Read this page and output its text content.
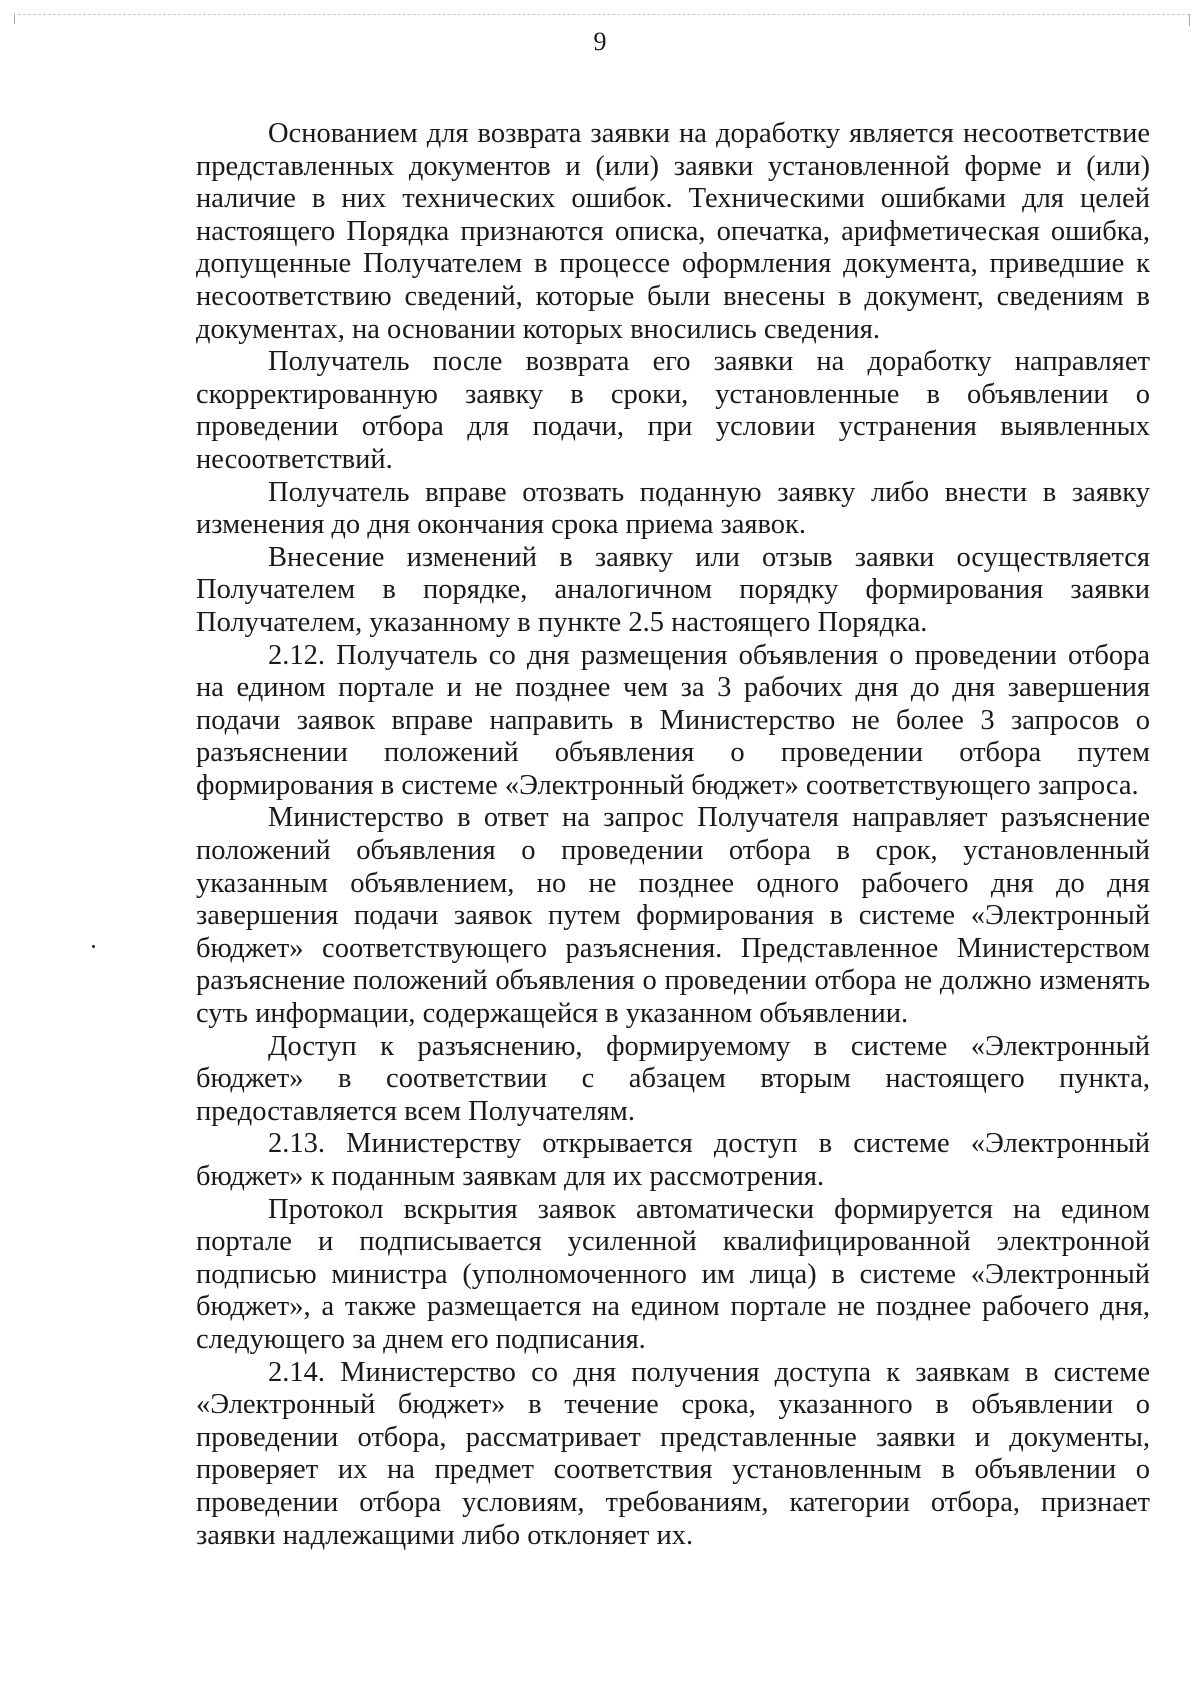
9

Основанием для возврата заявки на доработку является несоответствие представленных документов и (или) заявки установленной форме и (или) наличие в них технических ошибок. Техническими ошибками для целей настоящего Порядка признаются описка, опечатка, арифметическая ошибка, допущенные Получателем в процессе оформления документа, приведшие к несоответствию сведений, которые были внесены в документ, сведениям в документах, на основании которых вносились сведения.

Получатель после возврата его заявки на доработку направляет скорректированную заявку в сроки, установленные в объявлении о проведении отбора для подачи, при условии устранения выявленных несоответствий.

Получатель вправе отозвать поданную заявку либо внести в заявку изменения до дня окончания срока приема заявок.

Внесение изменений в заявку или отзыв заявки осуществляется Получателем в порядке, аналогичном порядку формирования заявки Получателем, указанному в пункте 2.5 настоящего Порядка.

2.12. Получатель со дня размещения объявления о проведении отбора на едином портале и не позднее чем за 3 рабочих дня до дня завершения подачи заявок вправе направить в Министерство не более 3 запросов о разъяснении положений объявления о проведении отбора путем формирования в системе «Электронный бюджет» соответствующего запроса.

Министерство в ответ на запрос Получателя направляет разъяснение положений объявления о проведении отбора в срок, установленный указанным объявлением, но не позднее одного рабочего дня до дня завершения подачи заявок путем формирования в системе «Электронный бюджет» соответствующего разъяснения. Представленное Министерством разъяснение положений объявления о проведении отбора не должно изменять суть информации, содержащейся в указанном объявлении.

Доступ к разъяснению, формируемому в системе «Электронный бюджет» в соответствии с абзацем вторым настоящего пункта, предоставляется всем Получателям.

2.13. Министерству открывается доступ в системе «Электронный бюджет» к поданным заявкам для их рассмотрения.

Протокол вскрытия заявок автоматически формируется на едином портале и подписывается усиленной квалифицированной электронной подписью министра (уполномоченного им лица) в системе «Электронный бюджет», а также размещается на едином портале не позднее рабочего дня, следующего за днем его подписания.

2.14. Министерство со дня получения доступа к заявкам в системе «Электронный бюджет» в течение срока, указанного в объявлении о проведении отбора, рассматривает представленные заявки и документы, проверяет их на предмет соответствия установленным в объявлении о проведении отбора условиям, требованиям, категории отбора, признает заявки надлежащими либо отклоняет их.
